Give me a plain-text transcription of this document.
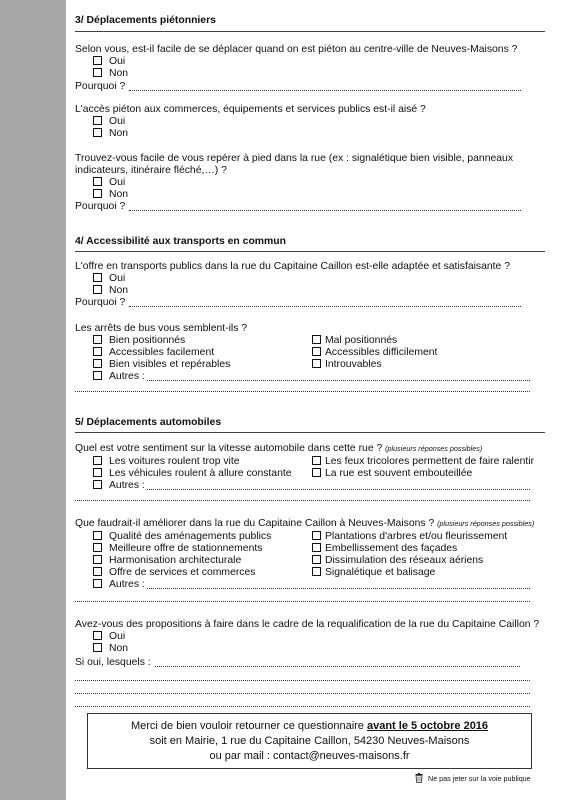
3/ Déplacements piétonniers
Selon vous, est-il facile de se déplacer quand on est piéton au centre-ville de Neuves-Maisons ?
Oui
Non
Pourquoi ?
L'accès piéton aux commerces, équipements et services publics est-il aisé ?
Oui
Non
Trouvez-vous facile de vous repérer à pied dans la rue (ex : signalétique bien visible, panneaux
indicateurs, itinéraire fléché,…) ?
Oui
Non
Pourquoi ?
4/ Accessibilité aux transports en commun
L'offre en transports publics dans la rue du Capitaine Caillon est-elle adaptée et satisfaisante ?
Oui
Non
Pourquoi ?
Les arrêts de bus vous semblent-ils ?
Bien positionnés
Accessibles facilement
Bien visibles et repérables
Mal positionnés
Accessibles difficilement
Introuvables
Autres :
5/ Déplacements automobiles
Quel est votre sentiment sur la vitesse automobile dans cette rue ? (plusieurs réponses possibles)
Les voitures roulent trop vite
Les véhicules roulent à allure constante
Les feux tricolores permettent de faire ralentir
La rue est souvent embouteillée
Autres :
Que faudrait-il améliorer dans la rue du Capitaine Caillon à Neuves-Maisons ? (plusieurs réponses possibles)
Qualité des aménagements publics
Meilleure offre de stationnements
Harmonisation architecturale
Offre de services et commerces
Plantations d'arbres et/ou fleurissement
Embellissement des façades
Dissimulation des réseaux aériens
Signalétique et balisage
Autres :
Avez-vous des propositions à faire dans le cadre de la requalification de la rue du Capitaine Caillon ?
Oui
Non
Si oui, lesquels :
Merci de bien vouloir retourner ce questionnaire avant le 5 octobre 2016
soit en Mairie, 1 rue du Capitaine Caillon, 54230 Neuves-Maisons
ou par mail : contact@neuves-maisons.fr
Ne pas jeter sur la voie publique
